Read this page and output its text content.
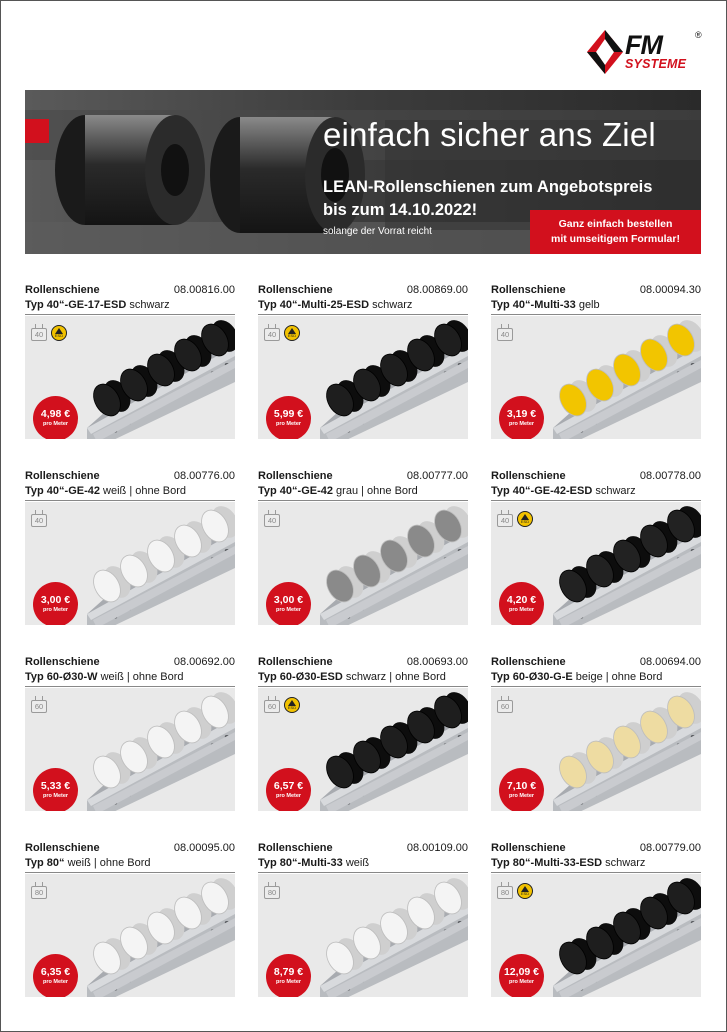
FM	®
SYSTEME
einfach sicher ans Ziel
LEAN-Rollenschienen zum Angebotspreis
bis zum 14.10.2022!
solange der Vorrat reicht
Ganz einfach bestellen
mit umseitigem Formular!
Rollenschiene	08.00816.00
Typ 40“-GE-17-ESD schwarz
40	ESD
4,98 €
pro Meter
Rollenschiene	08.00869.00
Typ 40“-Multi-25-ESD schwarz
40	ESD
5,99 €
pro Meter
Rollenschiene	08.00094.30
Typ 40“-Multi-33 gelb
40
3,19 €
pro Meter
Rollenschiene	08.00776.00
Typ 40“-GE-42 weiß | ohne Bord
40
3,00 €
pro Meter
Rollenschiene	08.00777.00
Typ 40“-GE-42 grau | ohne Bord
40
3,00 €
pro Meter
Rollenschiene	08.00778.00
Typ 40“-GE-42-ESD schwarz
40	ESD
4,20 €
pro Meter
Rollenschiene	08.00692.00
Typ 60-Ø30-W weiß | ohne Bord
60
5,33 €
pro Meter
Rollenschiene	08.00693.00
Typ 60-Ø30-ESD schwarz | ohne Bord
60	ESD
6,57 €
pro Meter
Rollenschiene	08.00694.00
Typ 60-Ø30-G-E beige | ohne Bord
60
7,10 €
pro Meter
Rollenschiene	08.00095.00
Typ 80“ weiß | ohne Bord
80
6,35 €
pro Meter
Rollenschiene	08.00109.00
Typ 80“-Multi-33 weiß
80
8,79 €
pro Meter
Rollenschiene	08.00779.00
Typ 80“-Multi-33-ESD schwarz
80	ESD
12,09 €
pro Meter
